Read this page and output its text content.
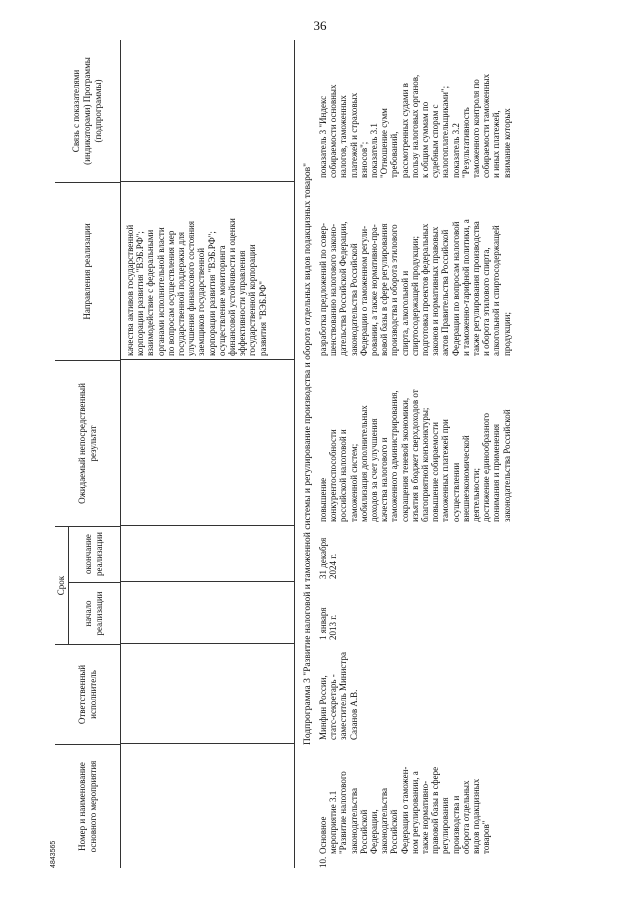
36
4843565
Номер и наименование основного мероприятия
Ответственный исполнитель
Срок
начало реализации
окончание реализации
Ожидаемый непосредственный результат
Направления реализации
Связь с показателями (индикаторами) Программы (подпрограммы)
качества активов государственной
корпорации развития "ВЭБ.РФ";
взаимодействие с федеральными
органами исполнительной власти
по вопросам осуществления мер
государственной поддержки для
улучшения финансового состояния
заемщиков государственной
корпорации развития "ВЭБ.РФ";
осуществление мониторинга
финансовой устойчивости и оценки
эффективности управления
государственной корпорации
развития "ВЭБ.РФ"	Подпрограмма 3 "Развитие налоговой и таможенной системы и регулирование производства и оборота отдельных видов подакцизных товаров"
10.
Основное
мероприятие 3.1
"Развитие налогового
законодательства
Российской
Федерации,
законодательства
Российской
Федерации о таможен-
ном регулировании, а
также нормативно-
правовой базы в сфере
регулирования
производства и
оборота отдельных
видов подакцизных
товаров"
Минфин России,
статс-секретарь -
заместитель Министра
Сазанов А.В.
1 января
2013 г.
31 декабря
2024 г.
повышение
конкурентоспособности
российской налоговой и
таможенной систем;
мобилизация дополнительных
доходов за счет улучшения
качества налогового и
таможенного администрирования,
сокращения теневой экономики,
изъятия в бюджет сверхдоходов от
благоприятной конъюнктуры;
повышение собираемости
таможенных платежей при
осуществлении
внешнеэкономической
деятельности;
достижение единообразного
понимания и применения
законодательства Российской
разработка предложений по совер-
шенствованию налогового законо-
дательства Российской Федерации,
законодательства Российской
Федерации о таможенном регули-
ровании, а также нормативно-пра-
вовой базы в сфере регулирования
производства и оборота этилового
спирта, алкогольной и
спиртосодержащей продукции;
подготовка проектов федеральных
законов и нормативных правовых
актов Правительства Российской
Федерации по вопросам налоговой
и таможенно-тарифной политики, а
также регулирования производства
и оборота этилового спирта,
алкогольной и спиртосодержащей
продукции;
показатель 3 "Индекс
собираемости основных
налогов, таможенных
платежей и страховых
взносов";
показатель 3.1
"Отношение сумм
требований,
рассмотренных судами в
пользу налоговых органов,
к общим суммам по
судебным спорам с
налогоплательщиками";
показатель 3.2
"Результативность
таможенного контроля по
собираемости таможенных
и иных платежей,
взимание которых
